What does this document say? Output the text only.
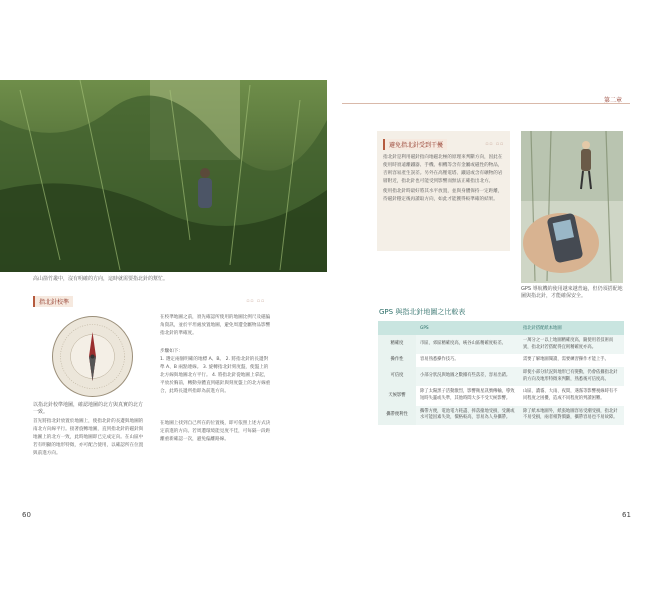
高山箭竹叢中，沒有明確的方向，這時就需要指北針的幫忙。
指北針校準	▫▫ ▫▫
以指北針校準地圖，確認地圖的北方與真實的北方一致。
首先將指北針放置於地圖上，使指北針的長邊與地圖的南北方向線平行。接著旋轉地圖，直到指北針的磁針與地圖上的北方一致，此時地圖即已完成定向。在山區中若有明顯的地形特徵，亦可配合使用，以確認所在位置與前進方向。
在校準地圖之前，須先確認所使用的地圖比例尺及磁偏角資訊，並於平坦處放置地圖，避免周遭金屬物品影響指北針的準確度。
步驟如下：
1. 選定兩個明確的地標 A、B。 2. 將指北針的長邊對準 A、B 兩點連線。 3. 旋轉指北針刻度盤，使盤上的北方線與地圖北方平行。 4. 將指北針從地圖上拿起，平放於胸前，轉動身體直到磁針與刻度盤上的北方線重合，此時長邊所指即為前進方向。
在地圖上找到自己所在的位置後，即可依照上述方式決定前進的方向。若周遭環境能見度不佳，可每隔一段距離重新確認一次，避免偏離路線。
60
第二章
避免指北針受到干擾	▫▫ ▫▫
指北針是利用磁針指向地磁北極的原理來判斷方向，因此在使用時須遠離鐵器、手機、相機等含有金屬或磁性的物品，否則容易產生誤差。另外在高壓電塔、鐵道或含有礦物的岩層附近，指北針也可能受到影響而無法正確指出北方。
使用指北針時最好將其水平放置，並與身體保持一定距離，待磁針穩定後再讀取方向，如此才能獲得較準確的結果。
GPS 導航機的使用越來越普遍，但仍須搭配地圖與指北針，才能確保安全。
GPS 與指北針地圖之比較表
	GPS	指北針搭配紙本地圖
精確度	市區、郊區精確度高，峽谷山區精確度較差。	一萬分之一以上地圖精確度高，隨使用者技術而異，指北針若搭配得宜則精確度亦高。
操作性	容易熟悉操作技巧。	需要了解地圖閱讀，需要練習操作才能上手。
可信度	小部分狀況與地圖之數據有些落差，容易出錯。	即使小部分狀況與地形已有變動，仍會依據指北針的方向及地形特徵來判斷，熟悉後可信度高。
天候影響	除了太陽黑子活動激烈，影響衛星訊號傳輸，導致短時失靈或失準，其他時間大多不受天候影響。	山區、濃霧、大雨、夜間，遇霧等影響視線時有不同程度之困擾，造成不同程度的判讀困難。
攜帶便利性	攜帶方便，電池電力耗盡、摔落撞地受損，受潮或水可能因素失效，價格較高，容易為人身攜帶。	除了紙本地圖外，紙張地圖容易受潮受損，指北針不易受損，兩者相對價廉，攜帶容易也不易故障。
61
